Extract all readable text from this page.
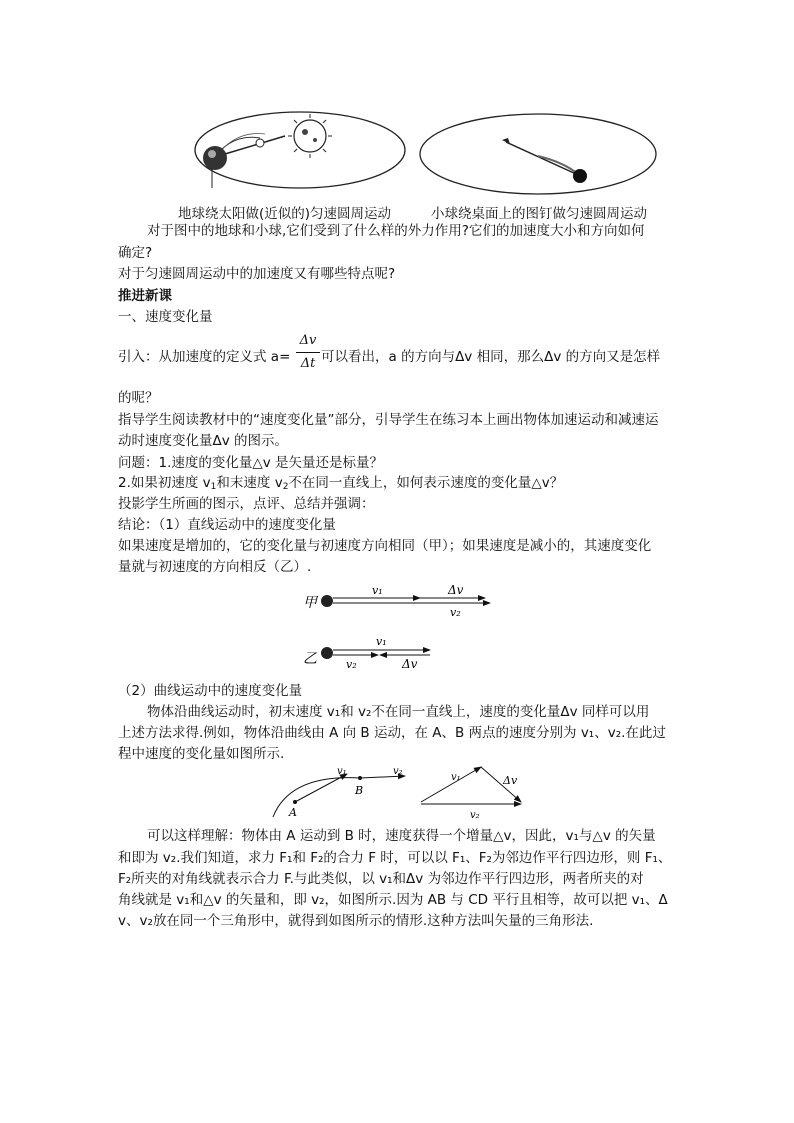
地球绕太阳做(近似的)匀速圆周运动	小球绕桌面上的图钉做匀速圆周运动
对于图中的地球和小球,它们受到了什么样的外力作用?它们的加速度大小和方向如何
确定?
对于匀速圆周运动中的加速度又有哪些特点呢?
推进新课
一、速度变化量
引入：从加速度的定义式 a=
Δv
Δt 可以看出，a 的方向与Δv 相同，那么Δv 的方向又是怎样
的呢？
指导学生阅读教材中的“速度变化量”部分，引导学生在练习本上画出物体加速运动和减速运
动时速度变化量Δv 的图示。
问题：1.速度的变化量△v 是矢量还是标量？
2.如果初速度 $v_1$和末速度 $v_2$不在同一直线上，如何表示速度的变化量△v？
投影学生所画的图示，点评、总结并强调：
结论：（1）直线运动中的速度变化量
如果速度是增加的，它的变化量与初速度方向相同（甲）；如果速度是减小的，其速度变化
量就与初速度的方向相反（乙）.
甲
v₁	Δv
v₂
乙
v₁
v₂	Δv
（2）曲线运动中的速度变化量
物体沿曲线运动时，初末速度 v₁和 v₂不在同一直线上，速度的变化量Δv 同样可以用
上述方法求得.例如，物体沿曲线由 A 向 B 运动，在 A、B 两点的速度分别为 v₁、v₂.在此过
程中速度的变化量如图所示.
A
B
v₁	v₂
v₁	Δv
v₂
可以这样理解：物体由 A 运动到 B 时，速度获得一个增量△v，因此，v₁与△v 的矢量
和即为 v₂.我们知道，求力 F₁和 F₂的合力 F 时，可以以 F₁、F₂为邻边作平行四边形，则 F₁、
F₂所夹的对角线就表示合力 F.与此类似，以 v₁和Δv 为邻边作平行四边形，两者所夹的对
角线就是 v₁和△v 的矢量和，即 v₂，如图所示.因为 AB 与 CD 平行且相等，故可以把 v₁、Δ
v、v₂放在同一个三角形中，就得到如图所示的情形.这种方法叫矢量的三角形法.
